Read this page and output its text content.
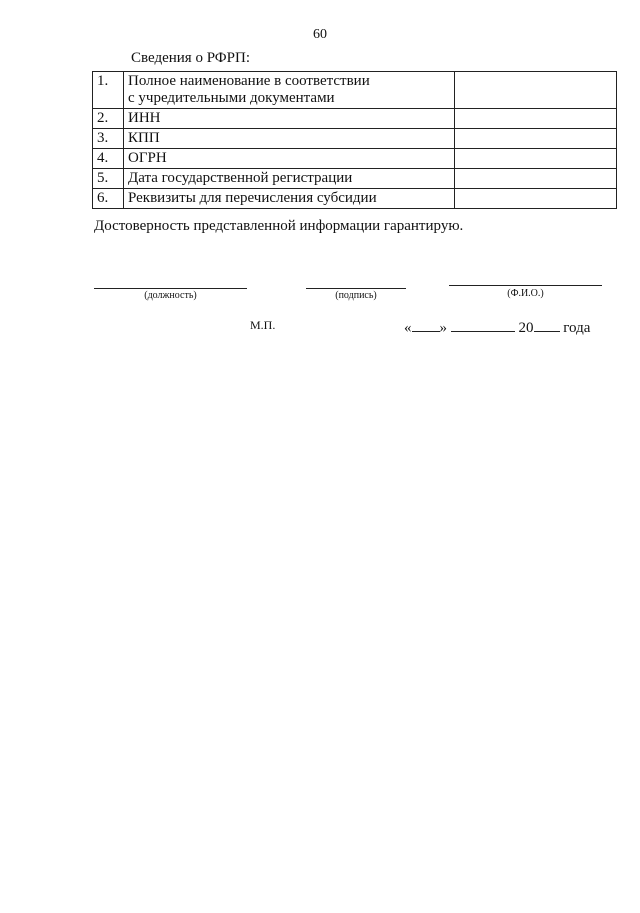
60
Сведения о РФРП:
1.	Полное наименование в соответствии
с учредительными документами	

2.	ИНН	
3.	КПП	
4.	ОГРН	
5.	Дата государственной регистрации	
6.	Реквизиты для перечисления субсидии	
Достоверность представленной информации гарантирую.
(должность)	(подпись)	(Ф.И.О.)
М.П.	« »	20 года
